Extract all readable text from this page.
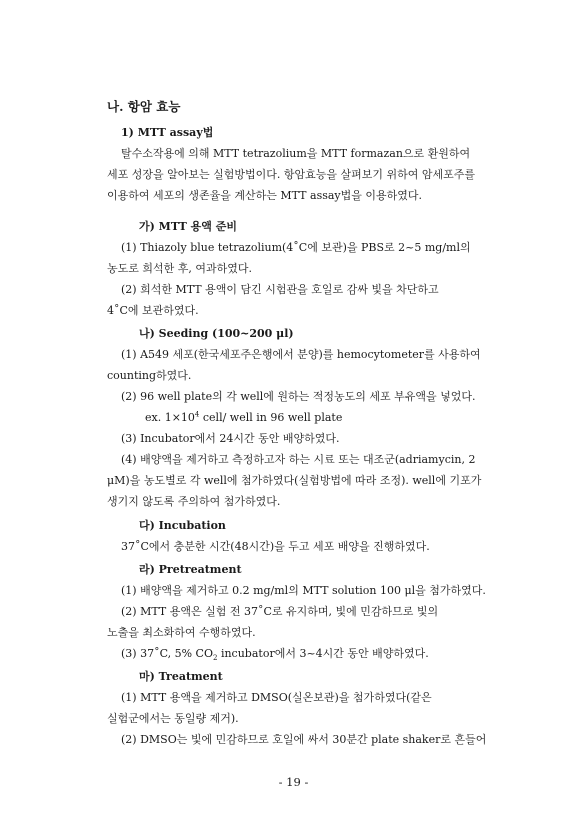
나. 항암 효능
1) MTT assay법
탈수소작용에 의해 MTT tetrazolium을 MTT formazan으로 환원하여
세포 성장을 알아보는 실험방법이다. 항암효능을 살펴보기 위하여 암세포주를
이용하여 세포의 생존율을 계산하는 MTT assay법을 이용하였다.
가) MTT 용액 준비
(1) Thiazoly blue tetrazolium(4˚C에 보관)을 PBS로 2~5 mg/ml의
농도로 희석한 후, 여과하였다.
(2) 희석한 MTT 용액이 담긴 시험관을 호일로 감싸 빛을 차단하고
4˚C에 보관하였다.
나) Seeding (100~200 μl)
(1) A549 세포(한국세포주은행에서 분양)를 hemocytometer를 사용하여
counting하였다.
(2) 96 well plate의 각 well에 원하는 적정농도의 세포 부유액을 넣었다.
ex. $1\times 10^4$ cell/ well in 96 well plate
(3) Incubator에서 24시간 동안 배양하였다.
(4) 배양액을 제거하고 측정하고자 하는 시료 또는 대조군(adriamycin, 2
μM)을 농도별로 각 well에 첨가하였다(실험방법에 따라 조정). well에 기포가
생기지 않도록 주의하여 첨가하였다.
다) Incubation
37˚C에서 충분한 시간(48시간)을 두고 세포 배양을 진행하였다.
라) Pretreatment
(1) 배양액을 제거하고 0.2 mg/ml의 MTT solution 100 μl을 첨가하였다.
(2) MTT 용액은 실험 전 37˚C로 유지하며, 빛에 민감하므로 빛의
노출을 최소화하여 수행하였다.
(3) 37˚C, 5% $CO_2$ incubator에서 3~4시간 동안 배양하였다.
마) Treatment
(1) MTT 용액을 제거하고 DMSO(실온보관)을 첨가하였다(같은
실험군에서는 동일량 제거).
(2) DMSO는 빛에 민감하므로 호일에 싸서 30분간 plate shaker로 흔들어
- 19 -
